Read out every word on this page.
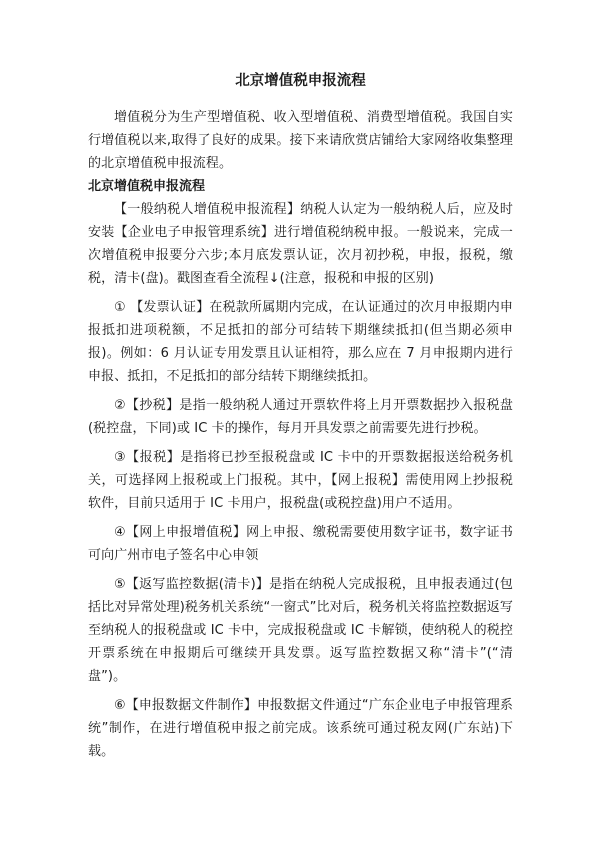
北京增值税申报流程

增值税分为生产型增值税、收入型增值税、消费型增值税。我国自实行增值税以来,取得了良好的成果。接下来请欣赏店铺给大家网络收集整理的北京增值税申报流程。

北京增值税申报流程

【一般纳税人增值税申报流程】纳税人认定为一般纳税人后，应及时安装【企业电子申报管理系统】进行增值税纳税申报。一般说来，完成一次增值税申报要分六步;本月底发票认证，次月初抄税，申报，报税，缴税，清卡(盘)。戳图查看全流程↓(注意，报税和申报的区别)

① 【发票认证】在税款所属期内完成，在认证通过的次月申报期内申报抵扣进项税额，不足抵扣的部分可结转下期继续抵扣(但当期必须申报)。例如：6 月认证专用发票且认证相符，那么应在 7 月申报期内进行申报、抵扣，不足抵扣的部分结转下期继续抵扣。

②【抄税】是指一般纳税人通过开票软件将上月开票数据抄入报税盘(税控盘，下同)或 IC 卡的操作，每月开具发票之前需要先进行抄税。

③【报税】是指将已抄至报税盘或 IC 卡中的开票数据报送给税务机关，可选择网上报税或上门报税。其中，【网上报税】需使用网上抄报税软件，目前只适用于 IC 卡用户，报税盘(或税控盘)用户不适用。

④【网上申报增值税】网上申报、缴税需要使用数字证书，数字证书可向广州市电子签名中心申领

⑤【返写监控数据(清卡)】是指在纳税人完成报税，且申报表通过(包括比对异常处理)税务机关系统“一窗式”比对后，税务机关将监控数据返写至纳税人的报税盘或 IC 卡中，完成报税盘或 IC 卡解锁，使纳税人的税控开票系统在申报期后可继续开具发票。返写监控数据又称“清卡”(“清盘”)。

⑥【申报数据文件制作】申报数据文件通过“广东企业电子申报管理系统”制作，在进行增值税申报之前完成。该系统可通过税友网(广东站)下载。
